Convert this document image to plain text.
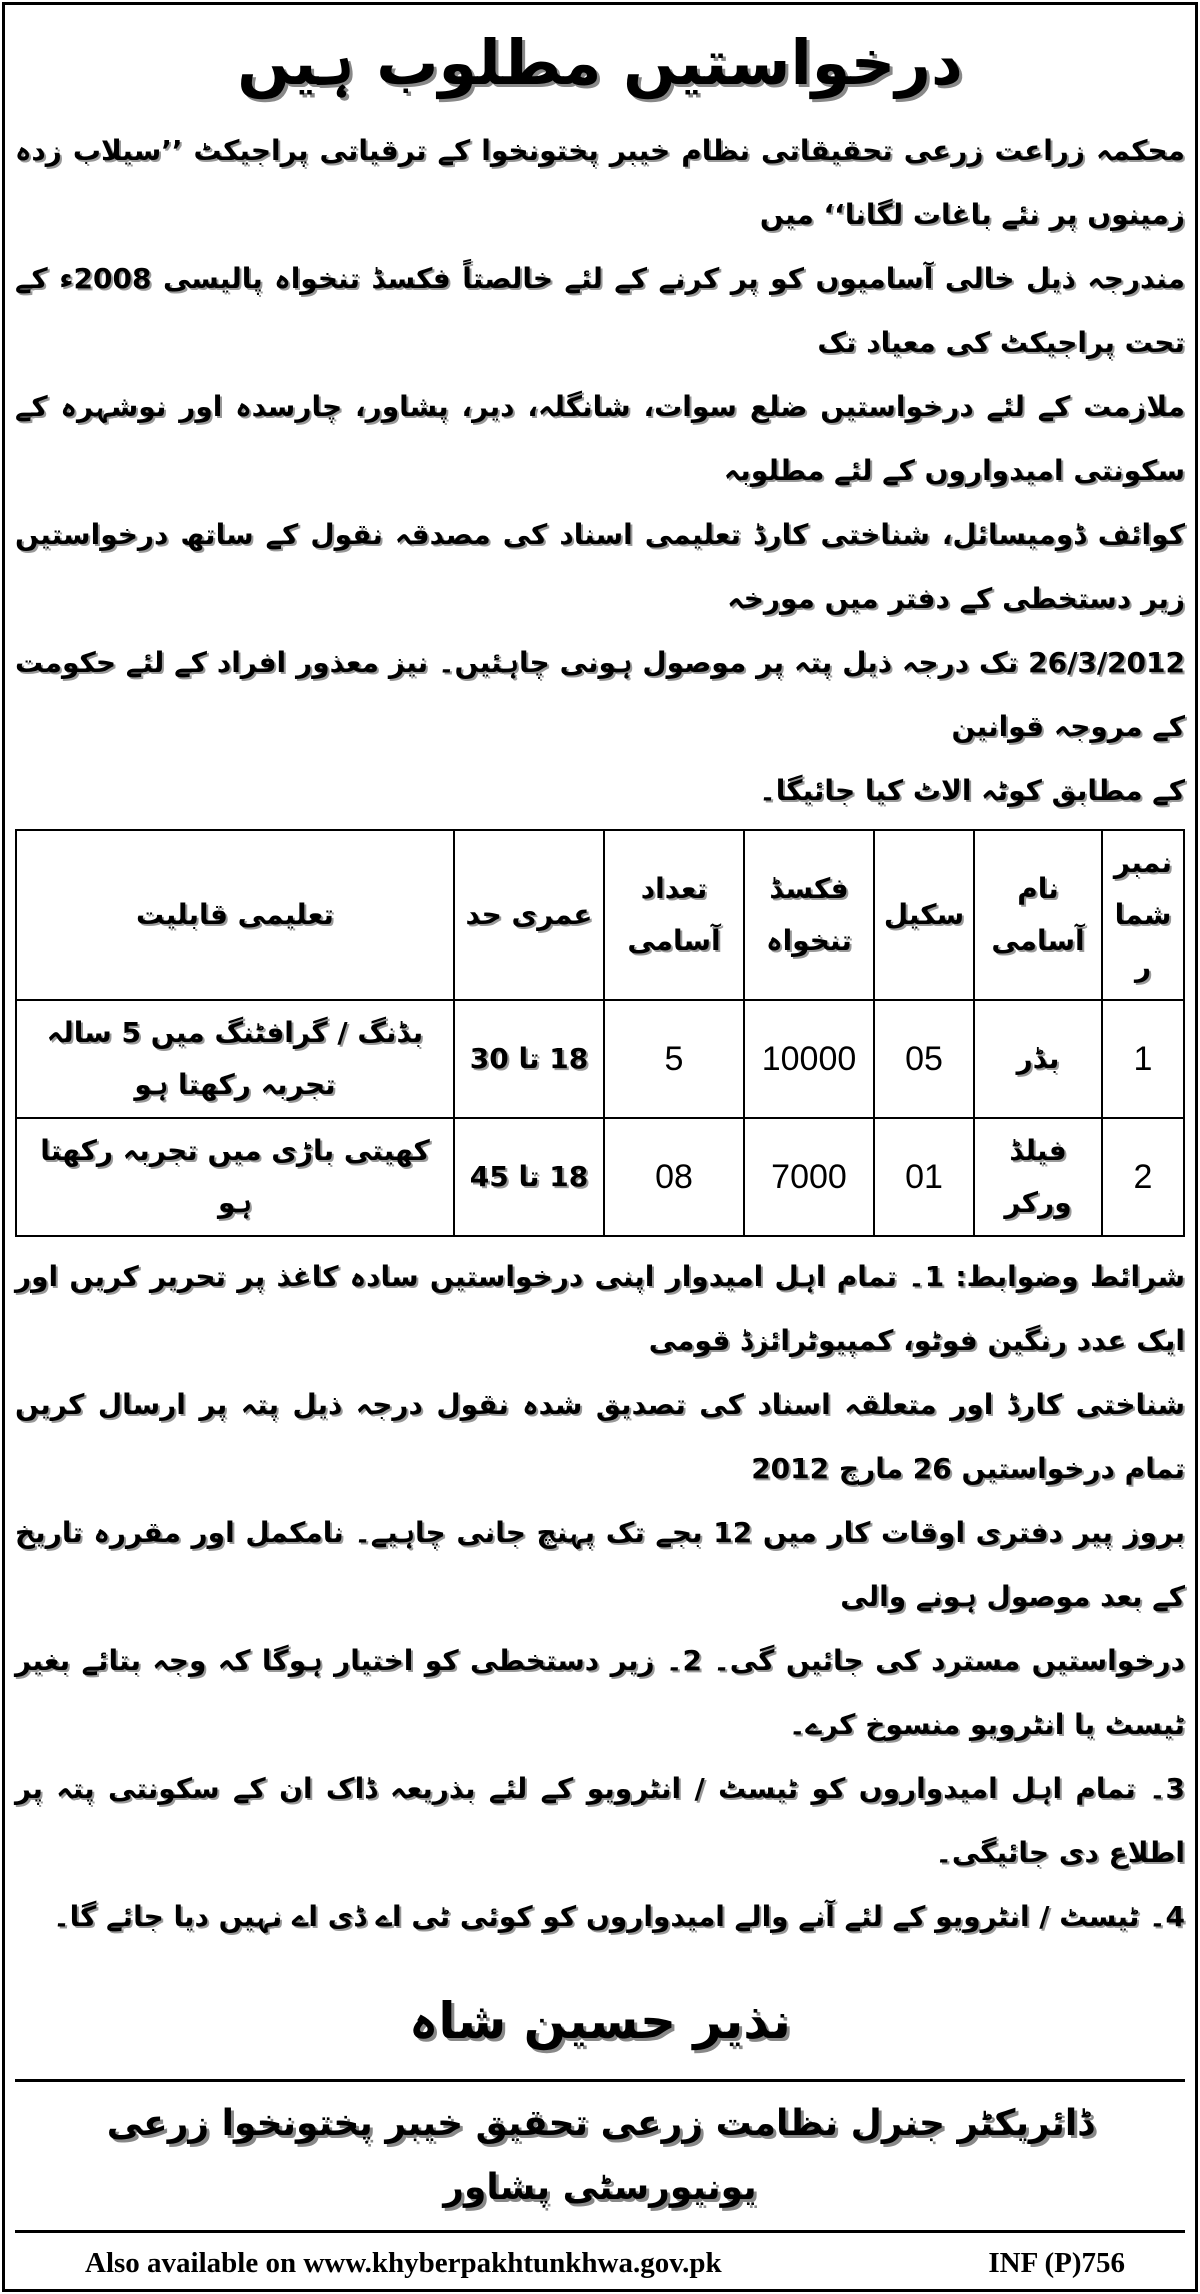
درخواستیں مطلوب ہیں
محکمہ زراعت زرعی تحقیقاتی نظام خیبر پختونخوا کے ترقیاتی پراجیکٹ ’’سیلاب زدہ زمینوں پر نئے باغات لگانا‘‘ میں
مندرجہ ذیل خالی آسامیوں کو پر کرنے کے لئے خالصتاً فکسڈ تنخواہ پالیسی 2008ء کے تحت پراجیکٹ کی معیاد تک
ملازمت کے لئے درخواستیں ضلع سوات، شانگلہ، دیر، پشاور، چارسدہ اور نوشہرہ کے سکونتی امیدواروں کے لئے مطلوبہ
کوائف ڈومیسائل، شناختی کارڈ تعلیمی اسناد کی مصدقہ نقول کے ساتھ درخواستیں زیر دستخطی کے دفتر میں مورخہ
26/3/2012 تک درجہ ذیل پتہ پر موصول ہونی چاہئیں۔ نیز معذور افراد کے لئے حکومت کے مروجہ قوانین
کے مطابق کوٹہ الاٹ کیا جائیگا۔
نمبر شمار	نام آسامی	سکیل	فکسڈ تنخواہ	تعداد آسامی	عمری حد	تعلیمی قابلیت
1	بڈر	05	10000	5	18 تا 30	بڈنگ / گرافٹنگ میں 5 سالہ تجربہ رکھتا ہو
2	فیلڈ ورکر	01	7000	08	18 تا 45	کھیتی باڑی میں تجربہ رکھتا ہو
شرائط وضوابط: 1۔ تمام اہل امیدوار اپنی درخواستیں سادہ کاغذ پر تحریر کریں اور ایک عدد رنگین فوٹو، کمپیوٹرائزڈ قومی
شناختی کارڈ اور متعلقہ اسناد کی تصدیق شدہ نقول درجہ ذیل پتہ پر ارسال کریں تمام درخواستیں 26 مارچ 2012
بروز پیر دفتری اوقات کار میں 12 بجے تک پہنچ جانی چاہیے۔ نامکمل اور مقررہ تاریخ کے بعد موصول ہونے والی
درخواستیں مسترد کی جائیں گی۔ 2۔ زیر دستخطی کو اختیار ہوگا کہ وجہ بتائے بغیر ٹیسٹ یا انٹرویو منسوخ کرے۔
3۔ تمام اہل امیدواروں کو ٹیسٹ / انٹرویو کے لئے بذریعہ ڈاک ان کے سکونتی پتہ پر اطلاع دی جائیگی۔
4۔ ٹیسٹ / انٹرویو کے لئے آنے والے امیدواروں کو کوئی ٹی اے ڈی اے نہیں دیا جائے گا۔
نذیر حسین شاہ
ڈائریکٹر جنرل نظامت زرعی تحقیق خیبر پختونخوا زرعی یونیورسٹی پشاور
Also available on www.khyberpakhtunkhwa.gov.pk	INF (P)756
